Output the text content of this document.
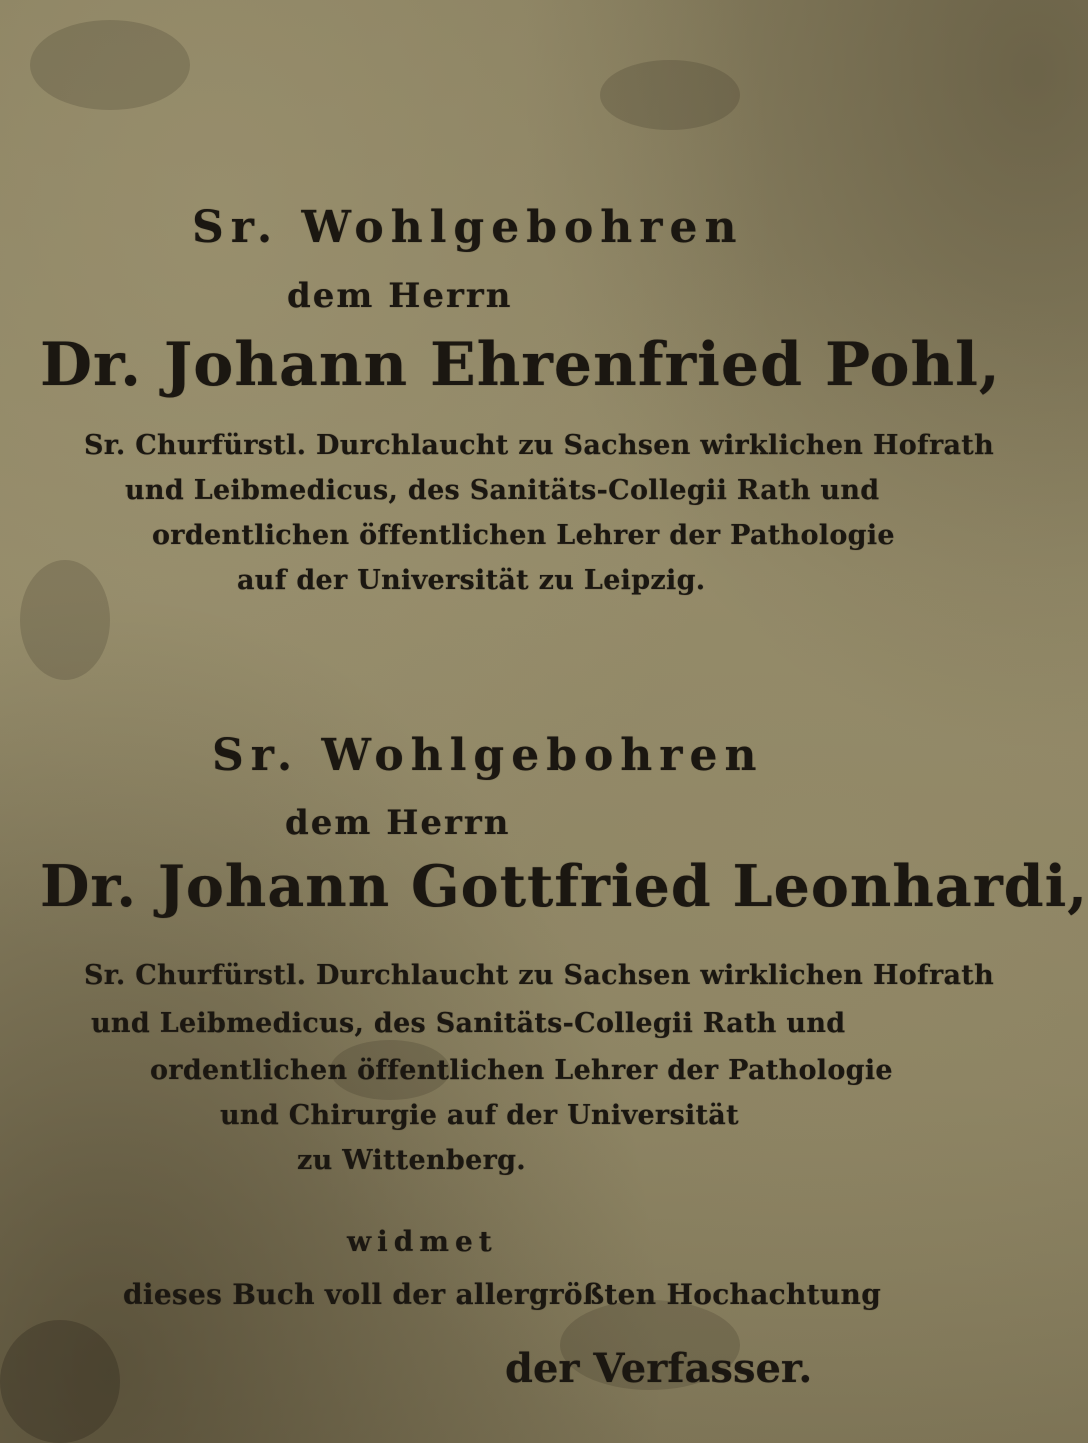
Sr. Wohlgebohren
dem Herrn
Dr. Johann Ehrenfried Pohl,
Sr. Churfürstl. Durchlaucht zu Sachsen wirklichen Hofrath
und Leibmedicus, des Sanitäts-Collegii Rath und
ordentlichen öffentlichen Lehrer der Pathologie
auf der Universität zu Leipzig.
Sr. Wohlgebohren
dem Herrn
Dr. Johann Gottfried Leonhardi,
Sr. Churfürstl. Durchlaucht zu Sachsen wirklichen Hofrath
und Leibmedicus, des Sanitäts-Collegii Rath und
ordentlichen öffentlichen Lehrer der Pathologie
und Chirurgie auf der Universität
zu Wittenberg.
widmet
dieses Buch voll der allergrößten Hochachtung
der Verfasser.
